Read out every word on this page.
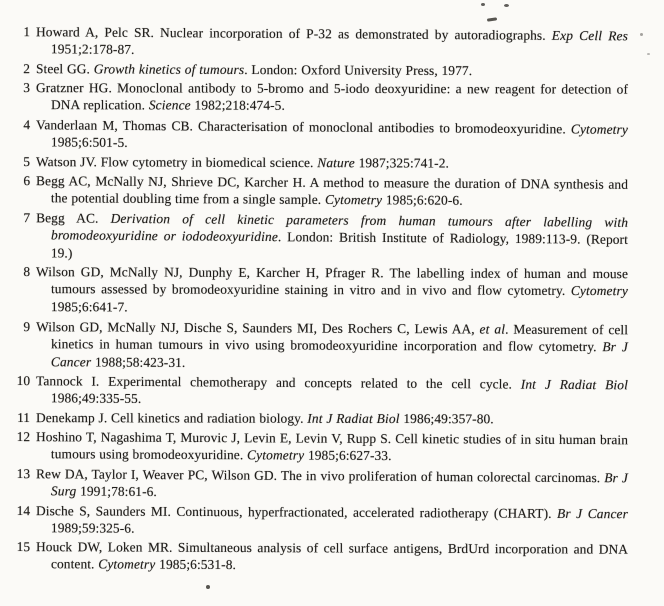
1 Howard A, Pelc SR. Nuclear incorporation of P-32 as demonstrated by autoradiographs. Exp Cell Res 1951;2:178-87.
2 Steel GG. Growth kinetics of tumours. London: Oxford University Press, 1977.
3 Gratzner HG. Monoclonal antibody to 5-bromo and 5-iodo deoxyuridine: a new reagent for detection of DNA replication. Science 1982;218:474-5.
4 Vanderlaan M, Thomas CB. Characterisation of monoclonal antibodies to bromodeoxyuridine. Cytometry 1985;6:501-5.
5 Watson JV. Flow cytometry in biomedical science. Nature 1987;325:741-2.
6 Begg AC, McNally NJ, Shrieve DC, Karcher H. A method to measure the duration of DNA synthesis and the potential doubling time from a single sample. Cytometry 1985;6:620-6.
7 Begg AC. Derivation of cell kinetic parameters from human tumours after labelling with bromodeoxyuridine or iododeoxyuridine. London: British Institute of Radiology, 1989:113-9. (Report 19.)
8 Wilson GD, McNally NJ, Dunphy E, Karcher H, Pfrager R. The labelling index of human and mouse tumours assessed by bromodeoxyuridine staining in vitro and in vivo and flow cytometry. Cytometry 1985;6:641-7.
9 Wilson GD, McNally NJ, Dische S, Saunders MI, Des Rochers C, Lewis AA, et al. Measurement of cell kinetics in human tumours in vivo using bromodeoxyuridine incorporation and flow cytometry. Br J Cancer 1988;58:423-31.
10 Tannock I. Experimental chemotherapy and concepts related to the cell cycle. Int J Radiat Biol 1986;49:335-55.
11 Denekamp J. Cell kinetics and radiation biology. Int J Radiat Biol 1986;49:357-80.
12 Hoshino T, Nagashima T, Murovic J, Levin E, Levin V, Rupp S. Cell kinetic studies of in situ human brain tumours using bromodeoxyuridine. Cytometry 1985;6:627-33.
13 Rew DA, Taylor I, Weaver PC, Wilson GD. The in vivo proliferation of human colorectal carcinomas. Br J Surg 1991;78:61-6.
14 Dische S, Saunders MI. Continuous, hyperfractionated, accelerated radiotherapy (CHART). Br J Cancer 1989;59:325-6.
15 Houck DW, Loken MR. Simultaneous analysis of cell surface antigens, BrdUrd incorporation and DNA content. Cytometry 1985;6:531-8.
